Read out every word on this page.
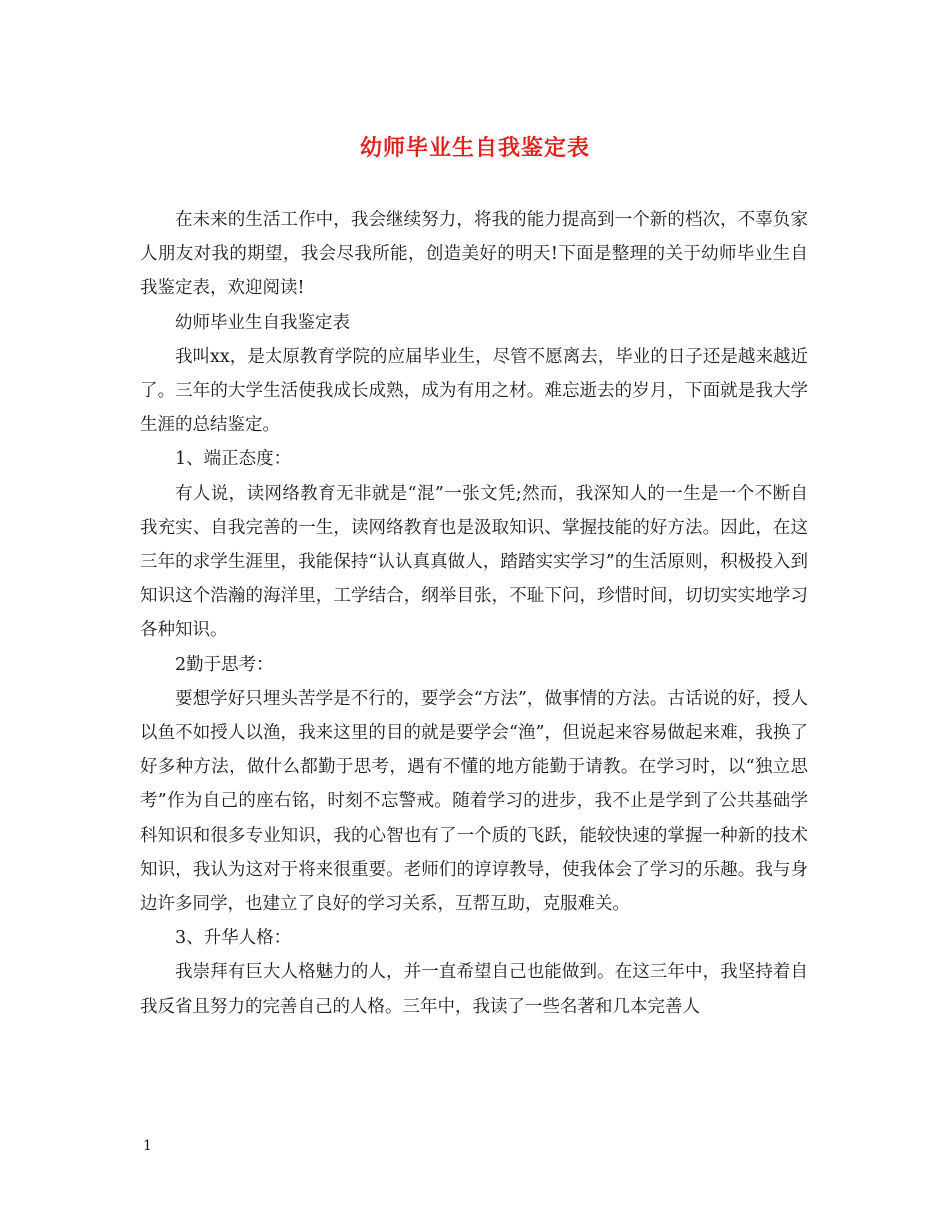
幼师毕业生自我鉴定表

在未来的生活工作中，我会继续努力，将我的能力提高到一个新的档次，不辜负家人朋友对我的期望，我会尽我所能，创造美好的明天!下面是整理的关于幼师毕业生自我鉴定表，欢迎阅读!

幼师毕业生自我鉴定表

我叫xx，是太原教育学院的应届毕业生，尽管不愿离去，毕业的日子还是越来越近了。三年的大学生活使我成长成熟，成为有用之材。难忘逝去的岁月，下面就是我大学生涯的总结鉴定。

1、端正态度：

有人说，读网络教育无非就是“混”一张文凭;然而，我深知人的一生是一个不断自我充实、自我完善的一生，读网络教育也是汲取知识、掌握技能的好方法。因此，在这三年的求学生涯里，我能保持“认认真真做人，踏踏实实学习”的生活原则，积极投入到知识这个浩瀚的海洋里，工学结合，纲举目张，不耻下问，珍惜时间，切切实实地学习各种知识。

2勤于思考：

要想学好只埋头苦学是不行的，要学会“方法”，做事情的方法。古话说的好，授人以鱼不如授人以渔，我来这里的目的就是要学会“渔”，但说起来容易做起来难，我换了好多种方法，做什么都勤于思考，遇有不懂的地方能勤于请教。在学习时，以“独立思考”作为自己的座右铭，时刻不忘警戒。随着学习的进步，我不止是学到了公共基础学科知识和很多专业知识，我的心智也有了一个质的飞跃，能较快速的掌握一种新的技术知识，我认为这对于将来很重要。老师们的谆谆教导，使我体会了学习的乐趣。我与身边许多同学，也建立了良好的学习关系，互帮互助，克服难关。

3、升华人格：

我崇拜有巨大人格魅力的人，并一直希望自己也能做到。在这三年中，我坚持着自我反省且努力的完善自己的人格。三年中，我读了一些名著和几本完善人

1
